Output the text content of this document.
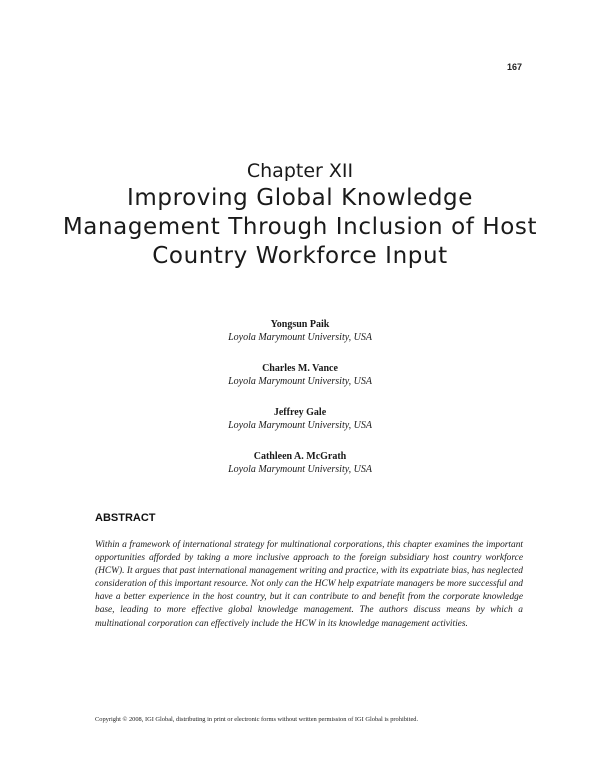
167
Chapter XII
Improving Global Knowledge Management Through Inclusion of Host Country Workforce Input
Yongsun Paik
Loyola Marymount University, USA
Charles M. Vance
Loyola Marymount University, USA
Jeffrey Gale
Loyola Marymount University, USA
Cathleen A. McGrath
Loyola Marymount University, USA
ABSTRACT
Within a framework of international strategy for multinational corporations, this chapter examines the important opportunities afforded by taking a more inclusive approach to the foreign subsidiary host country workforce (HCW). It argues that past international management writing and practice, with its expatriate bias, has neglected consideration of this important resource. Not only can the HCW help expatriate managers be more successful and have a better experience in the host country, but it can contribute to and benefit from the corporate knowledge base, leading to more effective global knowledge management. The authors discuss means by which a multinational corporation can effectively include the HCW in its knowledge management activities.
Copyright © 2008, IGI Global, distributing in print or electronic forms without written permission of IGI Global is prohibited.
